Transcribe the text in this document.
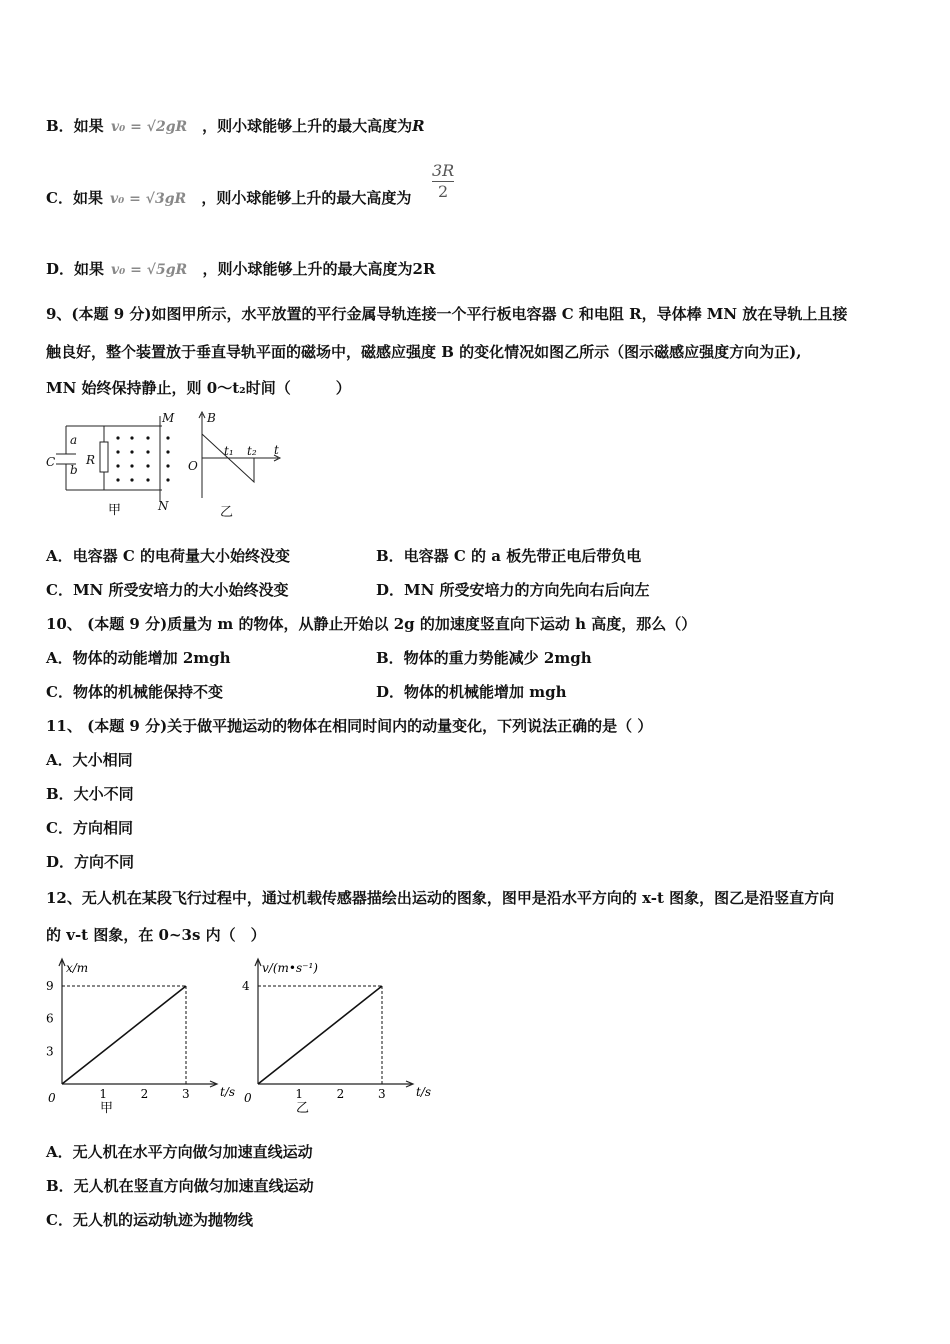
B．如果 v₀ = √2gR ，则小球能够上升的最大高度为R
C．如果 v₀ = √3gR ，则小球能够上升的最大高度为 $\frac{3R}{2}$
D．如果 v₀ = √5gR ，则小球能够上升的最大高度为2R
9、(本题 9 分)如图甲所示，水平放置的平行金属导轨连接一个平行板电容器 C 和电阻 R，导体棒 MN 放在导轨上且接
触良好，整个装置放于垂直导轨平面的磁场中，磁感应强度 B 的变化情况如图乙所示（图示磁感应强度方向为正),
MN 始终保持静止，则 0～t₂时间（　　　）
a
b
C	R
M
N
甲
B
O
t₁ t₂ t
乙
A．电容器 C 的电荷量大小始终没变	B．电容器 C 的 a 板先带正电后带负电
C．MN 所受安培力的大小始终没变	D．MN 所受安培力的方向先向右后向左
10、 (本题 9 分)质量为 m 的物体，从静止开始以 2g 的加速度竖直向下运动 h 高度，那么（）
A．物体的动能增加 2mgh	B．物体的重力势能减少 2mgh
C．物体的机械能保持不变	D．物体的机械能增加 mgh
11、 (本题 9 分)关于做平抛运动的物体在相同时间内的动量变化，下列说法正确的是（ ）
A．大小相同
B．大小不同
C．方向相同
D．方向不同
12、无人机在某段飞行过程中，通过机载传感器描绘出运动的图象，图甲是沿水平方向的 x-t 图象，图乙是沿竖直方向
的 v-t 图象，在 0~3s 内（　）
x/m
t/s
0	1	2	3
3
6
9
甲
v/(m•s⁻¹)
t/s
0	1	2	3
4
乙
A．无人机在水平方向做匀加速直线运动
B．无人机在竖直方向做匀加速直线运动
C．无人机的运动轨迹为抛物线
